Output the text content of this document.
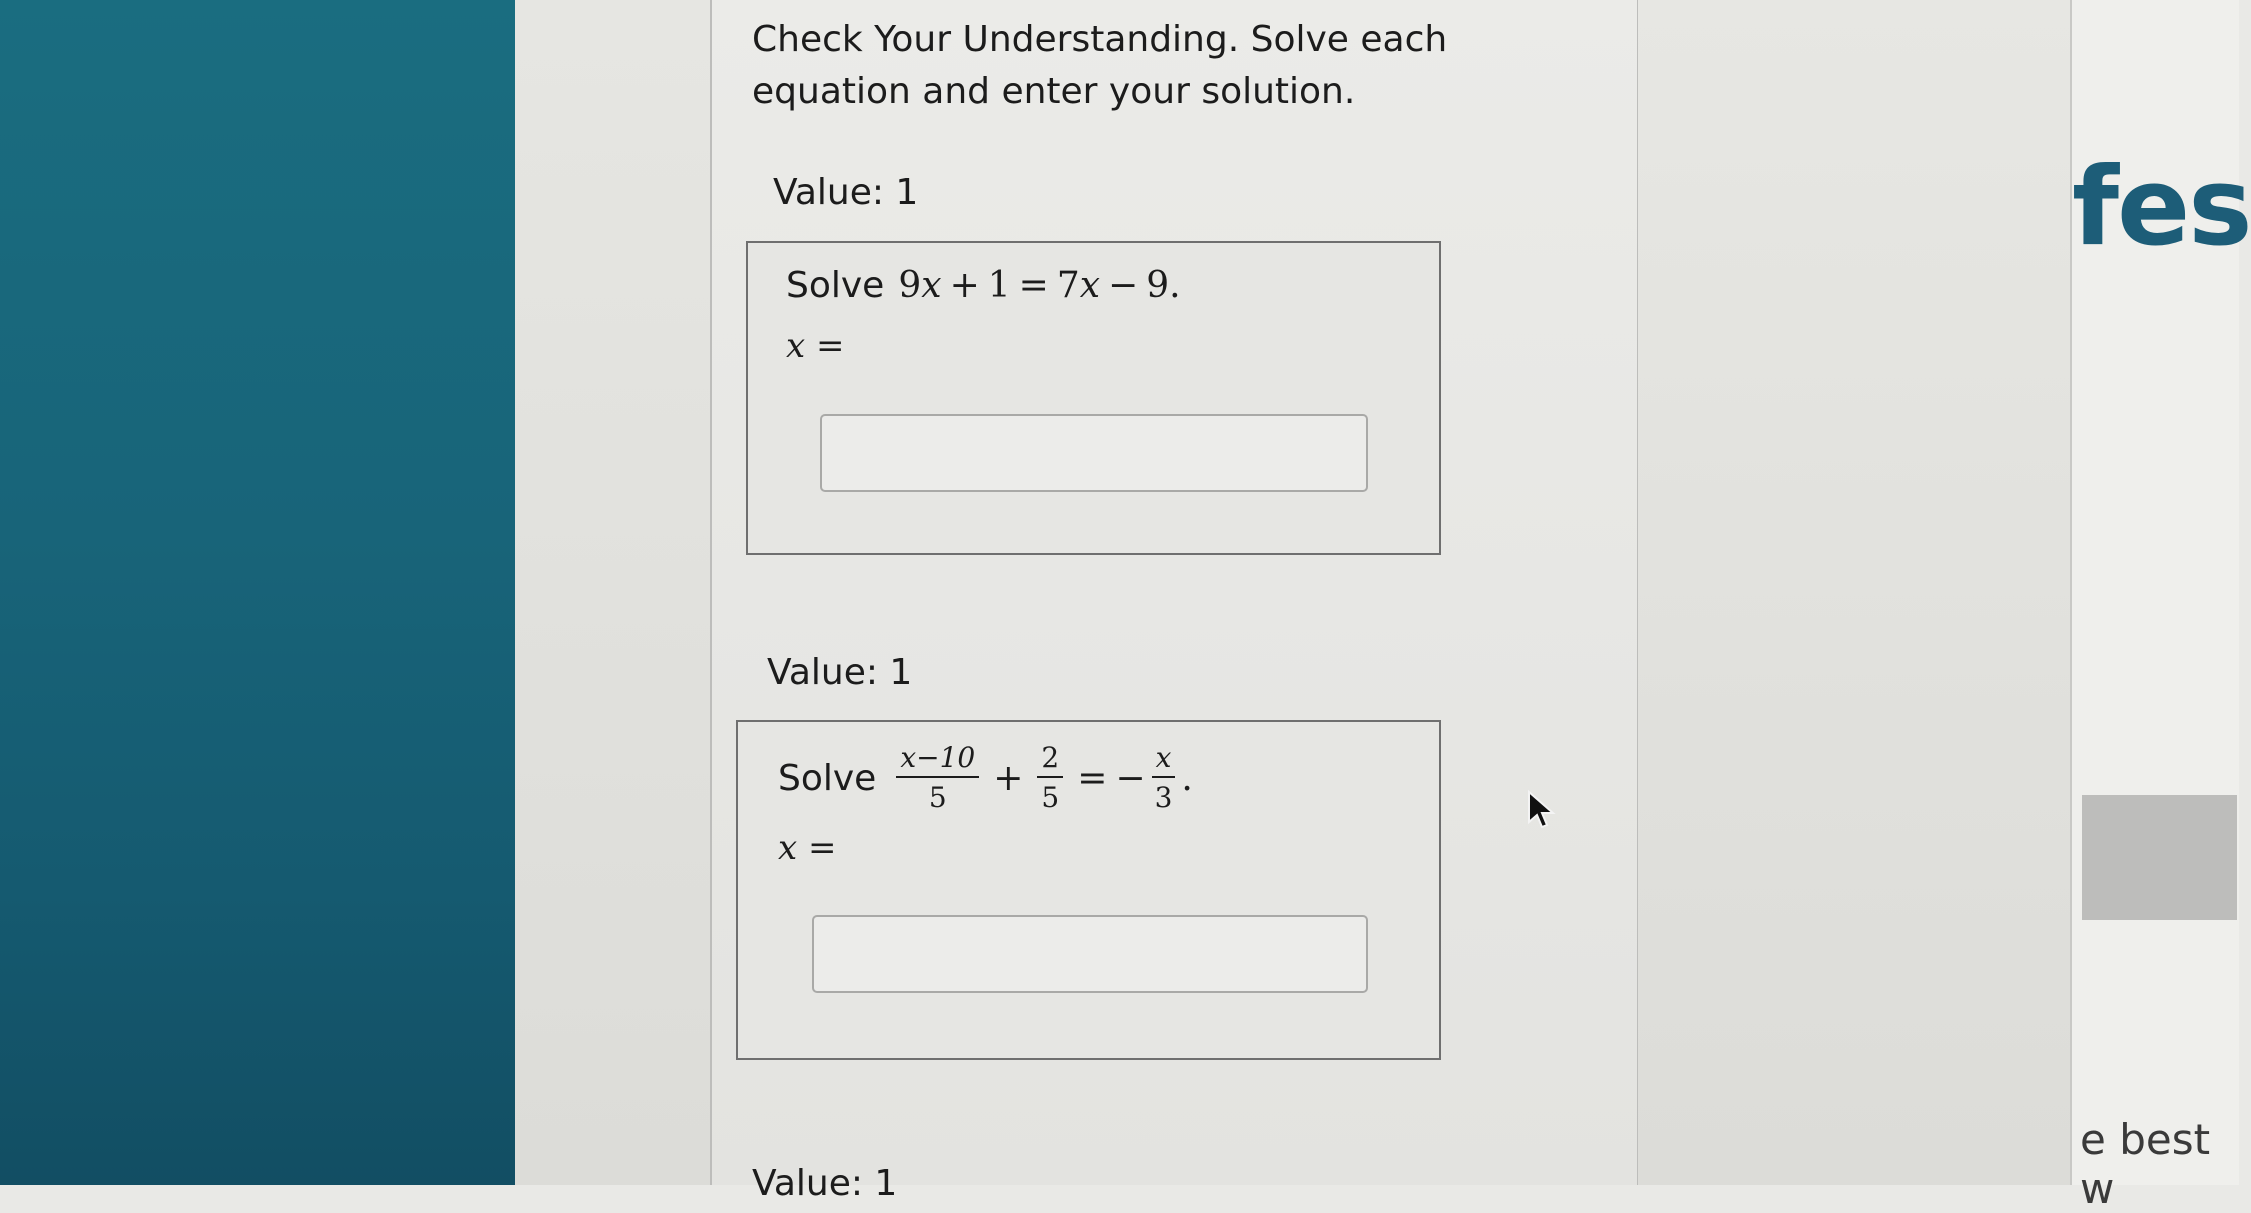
fes
e best w
Check Your Understanding. Solve each equation and enter your solution.
Value: 1
Solve 9x + 1 = 7x − 9.
x =
Value: 1
Solve $\frac{x-10}{5} + \frac{2}{5}$ = − $\frac{x}{3}$ .
x =
Value: 1
